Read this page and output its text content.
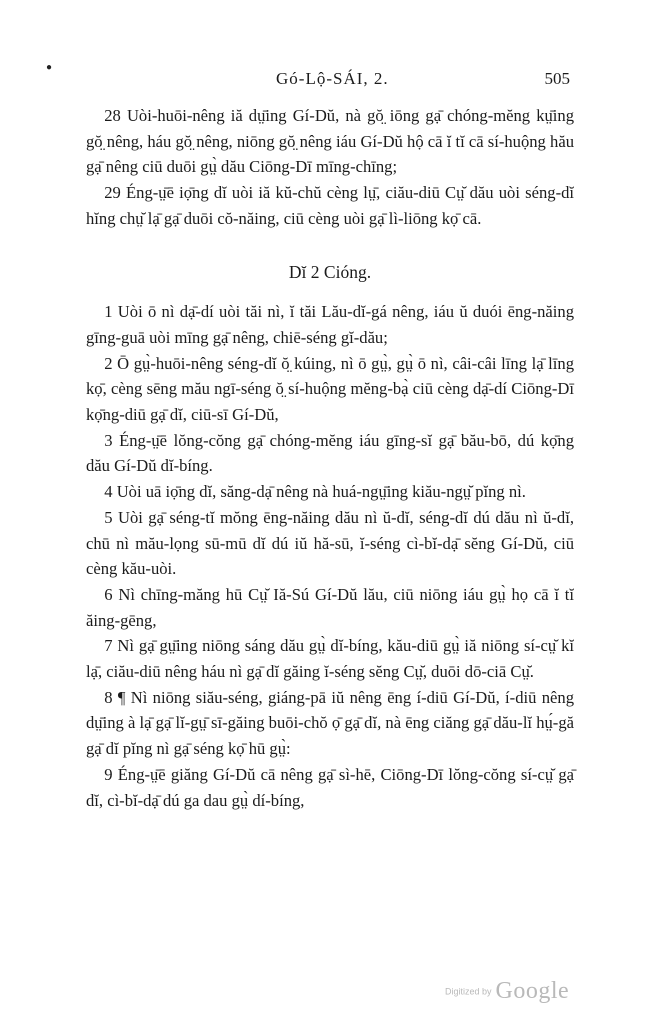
Gó-Lộ-SÁI, 2.	505
●

28 Uòi-huōi-nêng iă dṳ̄ing Gí-Dŭ, nà gŏ̤ iōng gạ̄ chóng-mĕng kṳ̄ing gŏ̤ nêng, háu gŏ̤ nêng, niōng gŏ̤ nêng iáu Gí-Dŭ hộ cā ĭ tĭ cā sí-huộng hău gạ̄ nêng ciū duōi gṳ̀ dău Ciōng-Dī mīng-chīng;

29 Éng-ṳ̄ē iọ̄ng dĭ uòi iă kŭ-chŭ cèng lṳ̄, ciău-diū Cṳ̆ dău uòi séng-dĭ hĭng chṳ̆ lạ̄ gạ̄ duōi cŏ-năing, ciū cèng uòi gạ̄ lì-liōng kọ̄ cā.

Dĭ 2 Cióng.

1 Uòi ō nì dạ̄-dí uòi tăi nì, ĭ tăi Lău-dĭ-gá nêng, iáu ŭ duói ēng-năing gīng-guā uòi mīng gạ̄ nêng, chiē-séng gĭ-dău;

2 Ō gṳ̀-huōi-nêng séng-dĭ ŏ̤ kúing, nì ō gṳ̀, gṳ̀ ō nì, câi-câi līng lạ̄ līng kọ̄, cèng sēng mău ngī-séng ŏ̤ sí-huộng mĕng-bạ̀ ciū cèng dạ̄-dí Ciōng-Dī kọ̄ng-diū gạ̄ dĭ, ciū-sī Gí-Dŭ,

3 Éng-ṳ̄ē lŏng-cŏng gạ̄ chóng-mĕng iáu gīng-sĭ gạ̄ bău-bō, dú kọ̄ng dău Gí-Dŭ dĭ-bíng.

4 Uòi uā iọ̄ng dĭ, săng-dạ̄ nêng nà huá-ngṳ̄ing kiău-ngṳ̆ pĭng nì.

5 Uòi gạ̄ séng-tĭ mŏng ēng-năing dău nì ŭ-dĭ, séng-dĭ dú dău nì ŭ-dĭ, chū nì mău-lọng sū-mū dĭ dú iŭ hă-sū, ĭ-séng cì-bĭ-dạ̄ sĕng Gí-Dŭ, ciū cèng kău-uòi.

6 Nì chīng-măng hū Cṳ̆ Iă-Sú Gí-Dŭ lău, ciū niōng iáu gṳ̀ họ cā ĭ tĭ ăing-gēng,

7 Nì gạ̄ gṳ̄ing niōng sáng dău gṳ̀ dĭ-bíng, kău-diū gṳ̀ iă niōng sí-cṳ̆ kĭ lạ̄, ciău-diū nêng háu nì gạ̄ dĭ găing ĭ-séng sĕng Cṳ̆, duōi dō-ciā Cṳ̆.

8 ¶ Nì niōng siău-séng, giáng-pā iŭ nêng ēng í-diū Gí-Dŭ, í-diū nêng dṳ̄ing à lạ̄ gạ̄ lĭ-gṳ̄ sī-găing buōi-chŏ ọ̄ gạ̄ dĭ, nà ēng ciăng gạ̄ dău-lĭ hṳ́-gă gạ̄ dĭ pĭng nì gạ̄ séng kọ̄ hū gṳ̀:

9 Éng-ṳ̄ē giăng Gí-Dŭ cā nêng gạ̄ sì-hē, Ciōng-Dī lŏng-cŏng sí-cṳ̆ gạ̄ dĭ, cì-bĭ-dạ̄ dú ga dau gṳ̀ dí-bíng,

Digitized by Google
